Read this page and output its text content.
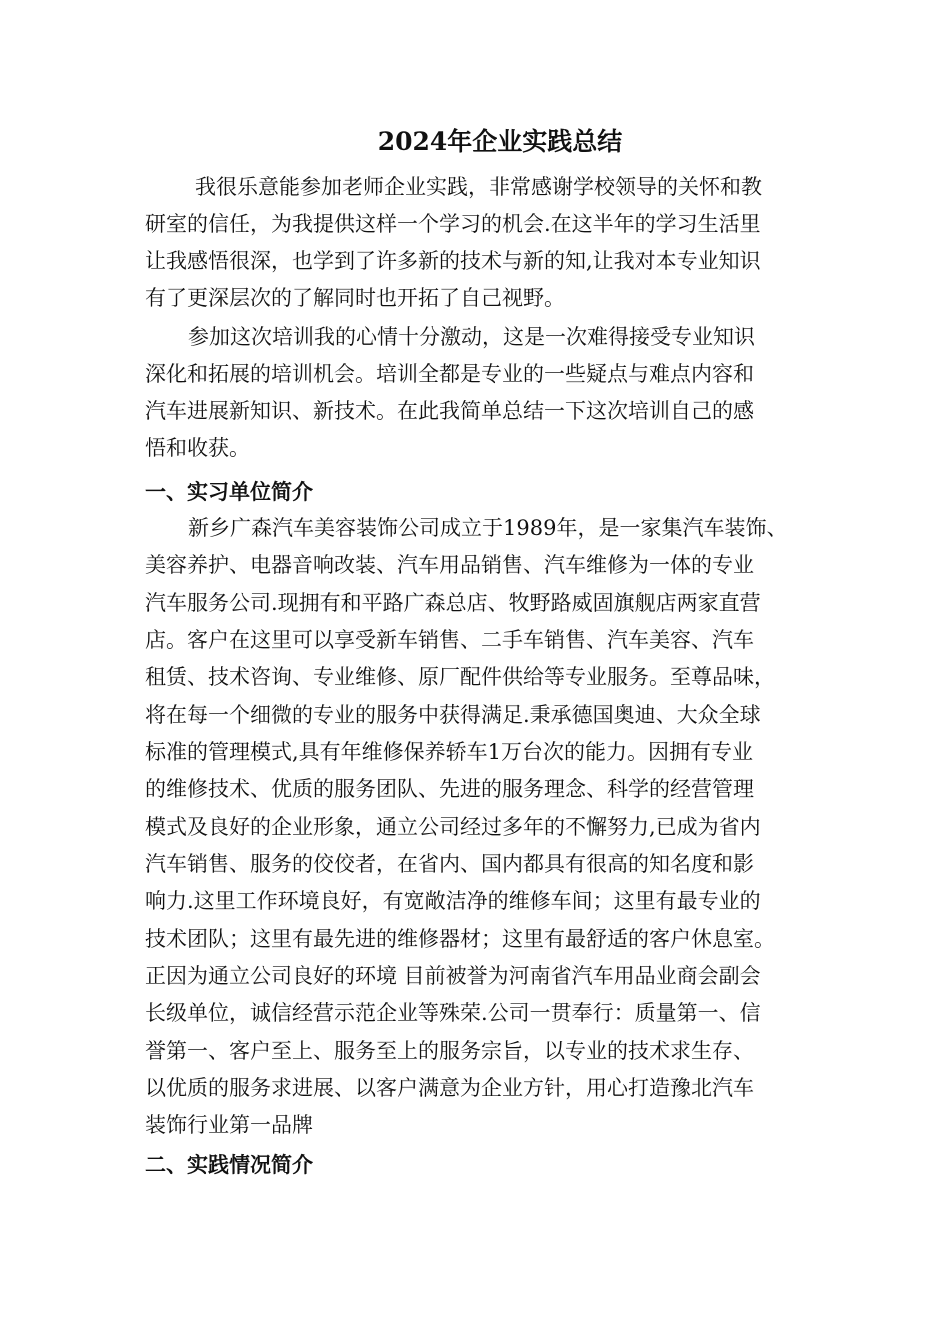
2024年企业实践总结
我很乐意能参加老师企业实践，非常感谢学校领导的关怀和教
研室的信任，为我提供这样一个学习的机会.在这半年的学习生活里
让我感悟很深，也学到了许多新的技术与新的知,让我对本专业知识
有了更深层次的了解同时也开拓了自己视野。
参加这次培训我的心情十分激动，这是一次难得接受专业知识
深化和拓展的培训机会。培训全都是专业的一些疑点与难点内容和
汽车进展新知识、新技术。在此我简单总结一下这次培训自己的感
悟和收获。
一、实习单位简介
新乡广森汽车美容装饰公司成立于1989年，是一家集汽车装饰、
美容养护、电器音响改装、汽车用品销售、汽车维修为一体的专业
汽车服务公司.现拥有和平路广森总店、牧野路威固旗舰店两家直营
店。客户在这里可以享受新车销售、二手车销售、汽车美容、汽车
租赁、技术咨询、专业维修、原厂配件供给等专业服务。至尊品味，
将在每一个细微的专业的服务中获得满足.秉承德国奥迪、大众全球
标准的管理模式,具有年维修保养轿车1万台次的能力。因拥有专业
的维修技术、优质的服务团队、先进的服务理念、科学的经营管理
模式及良好的企业形象，通立公司经过多年的不懈努力,已成为省内
汽车销售、服务的佼佼者，在省内、国内都具有很高的知名度和影
响力.这里工作环境良好，有宽敞洁净的维修车间；这里有最专业的
技术团队；这里有最先进的维修器材；这里有最舒适的客户休息室。
正因为通立公司良好的环境 目前被誉为河南省汽车用品业商会副会
长级单位，诚信经营示范企业等殊荣.公司一贯奉行：质量第一、信
誉第一、客户至上、服务至上的服务宗旨，以专业的技术求生存、
以优质的服务求进展、以客户满意为企业方针，用心打造豫北汽车
装饰行业第一品牌
二、实践情况简介
